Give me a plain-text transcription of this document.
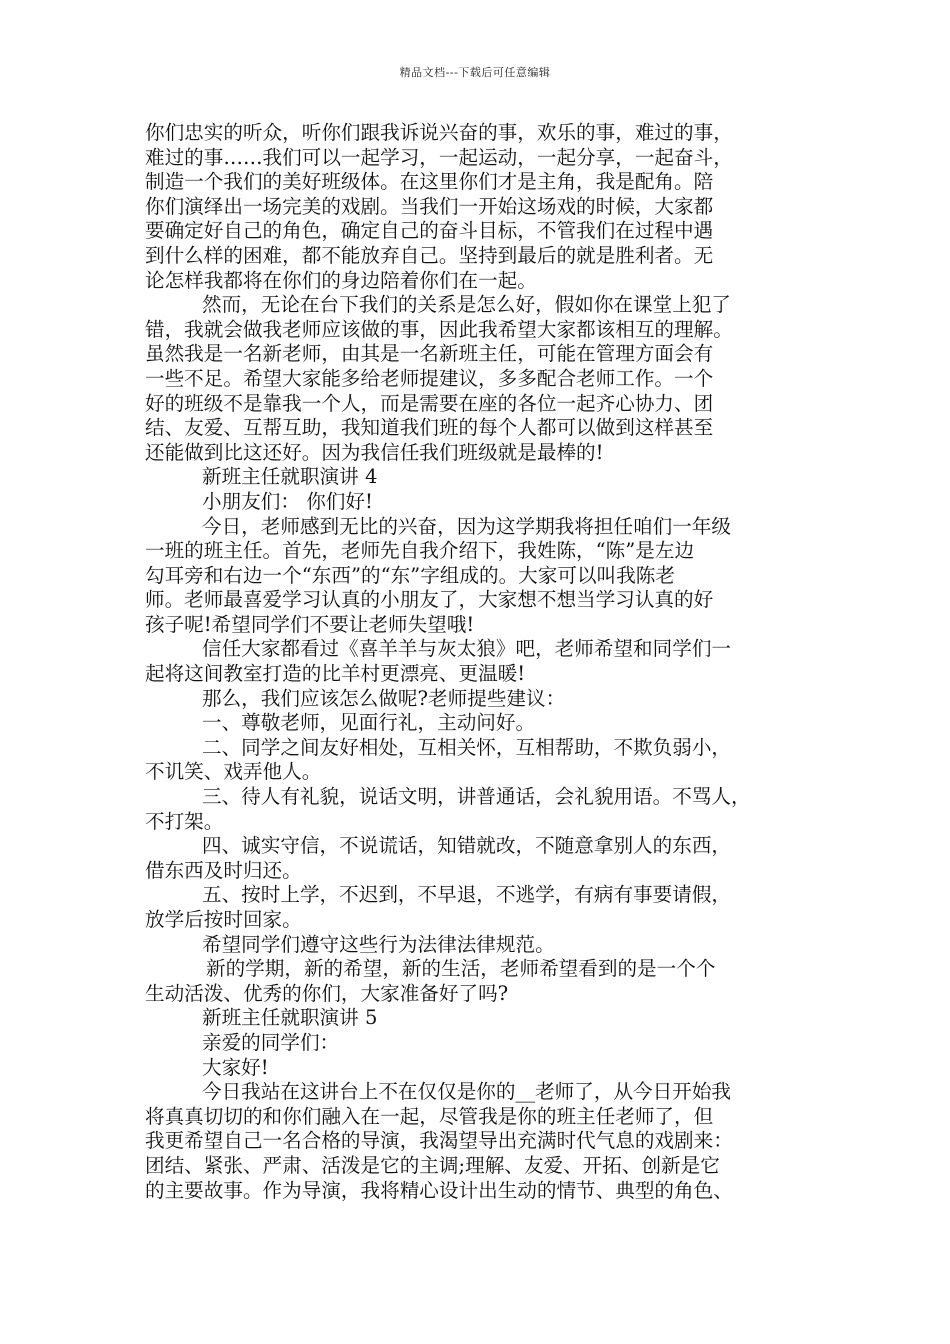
精品文档---下载后可任意编辑
你们忠实的听众，听你们跟我诉说兴奋的事，欢乐的事，难过的事，
难过的事……我们可以一起学习，一起运动，一起分享，一起奋斗，
制造一个我们的美好班级体。在这里你们才是主角，我是配角。陪
你们演绎出一场完美的戏剧。当我们一开始这场戏的时候，大家都
要确定好自己的角色，确定自己的奋斗目标，不管我们在过程中遇
到什么样的困难，都不能放弃自己。坚持到最后的就是胜利者。无
论怎样我都将在你们的身边陪着你们在一起。
然而，无论在台下我们的关系是怎么好，假如你在课堂上犯了
错，我就会做我老师应该做的事，因此我希望大家都该相互的理解。
虽然我是一名新老师，由其是一名新班主任，可能在管理方面会有
一些不足。希望大家能多给老师提建议，多多配合老师工作。一个
好的班级不是靠我一个人，而是需要在座的各位一起齐心协力、团
结、友爱、互帮互助，我知道我们班的每个人都可以做到这样甚至
还能做到比这还好。因为我信任我们班级就是最棒的!
新班主任就职演讲 4
小朋友们： 你们好!
今日，老师感到无比的兴奋，因为这学期我将担任咱们一年级
一班的班主任。首先，老师先自我介绍下，我姓陈，“陈”是左边
勾耳旁和右边一个“东西”的“东”字组成的。大家可以叫我陈老
师。老师最喜爱学习认真的小朋友了，大家想不想当学习认真的好
孩子呢!希望同学们不要让老师失望哦!
信任大家都看过《喜羊羊与灰太狼》吧，老师希望和同学们一
起将这间教室打造的比羊村更漂亮、更温暖!
那么，我们应该怎么做呢?老师提些建议：
一、尊敬老师，见面行礼，主动问好。
二、同学之间友好相处，互相关怀，互相帮助，不欺负弱小，
不讥笑、戏弄他人。
三、待人有礼貌，说话文明，讲普通话，会礼貌用语。不骂人，
不打架。
四、诚实守信，不说谎话，知错就改，不随意拿别人的东西，
借东西及时归还。
五、按时上学，不迟到，不早退，不逃学，有病有事要请假，
放学后按时回家。
希望同学们遵守这些行为法律法律规范。
新的学期，新的希望，新的生活，老师希望看到的是一个个
生动活泼、优秀的你们，大家准备好了吗?
新班主任就职演讲 5
亲爱的同学们：
大家好!
今日我站在这讲台上不在仅仅是你的__老师了，从今日开始我
将真真切切的和你们融入在一起，尽管我是你的班主任老师了，但
我更希望自己一名合格的导演，我渴望导出充满时代气息的戏剧来：
团结、紧张、严肃、活泼是它的主调;理解、友爱、开拓、创新是它
的主要故事。作为导演，我将精心设计出生动的情节、典型的角色、
